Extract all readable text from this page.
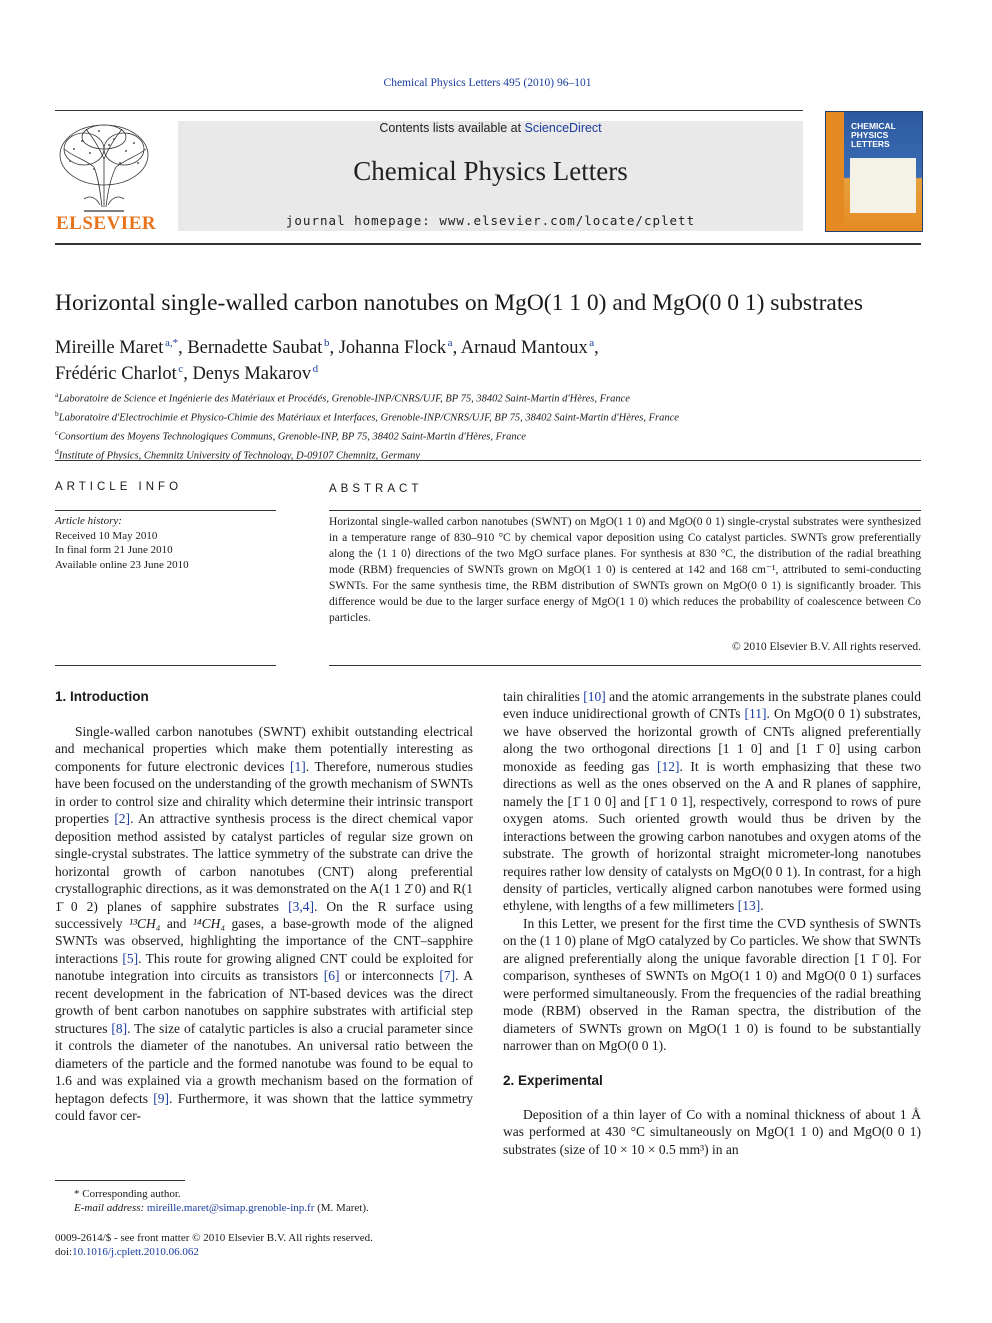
Chemical Physics Letters 495 (2010) 96–101
ELSEVIER
Contents lists available at ScienceDirect
Chemical Physics Letters
journal homepage: www.elsevier.com/locate/cplett
CHEMICAL
PHYSICS
LETTERS
Horizontal single-walled carbon nanotubes on MgO(1 1 0) and MgO(0 0 1) substrates
Mireille Maret  $^{a,*}$, Bernadette Saubat  $^b$, Johanna Flock  $^a$, Arnaud Mantoux  $^a$,
Frédéric Charlot  $^c$, Denys Makarov  $^d$
$^a$Laboratoire de Science et Ingénierie des Matériaux et Procédés, Grenoble-INP/CNRS/UJF, BP 75, 38402 Saint-Martin d'Hères, France
$^b$Laboratoire d'Electrochimie et Physico-Chimie des Matériaux et Interfaces, Grenoble-INP/CNRS/UJF, BP 75, 38402 Saint-Martin d'Hères, France
$^c$Consortium des Moyens Technologiques Communs, Grenoble-INP, BP 75, 38402 Saint-Martin d'Hères, France
$^d$Institute of Physics, Chemnitz University of Technology, D-09107 Chemnitz, Germany
ARTICLE INFO	ABSTRACT
Article history:
Received 10 May 2010
In final form 21 June 2010
Available online 23 June 2010
Horizontal single-walled carbon nanotubes (SWNT) on MgO(1 1 0) and MgO(0 0 1) single-crystal substrates were synthesized in a temperature range of 830–910 °C by chemical vapor deposition using Co catalyst particles. SWNTs grow preferentially along the ⟨1 1 0⟩ directions of the two MgO surface planes. For synthesis at 830 °C, the distribution of the radial breathing mode (RBM) frequencies of SWNTs grown on MgO(1 1 0) is centered at 142 and 168 cm⁻¹, attributed to semi-conducting SWNTs. For the same synthesis time, the RBM distribution of SWNTs grown on MgO(0 0 1) is significantly broader. This difference would be due to the larger surface energy of MgO(1 1 0) which reduces the probability of coalescence between Co particles.
© 2010 Elsevier B.V. All rights reserved.
1. Introduction

Single-walled carbon nanotubes (SWNT) exhibit outstanding electrical and mechanical properties which make them potentially interesting as components for future electronic devices [1]. Therefore, numerous studies have been focused on the understanding of the growth mechanism of SWNTs in order to control size and chirality which determine their intrinsic transport properties [2]. An attractive synthesis process is the direct chemical vapor deposition method assisted by catalyst particles of regular size grown on single-crystal substrates. The lattice symmetry of the substrate can drive the horizontal growth of carbon nanotubes (CNT) along preferential crystallographic directions, as it was demonstrated on the A(1 1 2̄ 0) and R(1 1̄ 0 2) planes of sapphire substrates [3,4]. On the R surface using successively ¹³CH₄ and ¹⁴CH₄ gases, a base-growth mode of the aligned SWNTs was observed, highlighting the importance of the CNT–sapphire interactions [5]. This route for growing aligned CNT could be exploited for nanotube integration into circuits as transistors [6] or interconnects [7]. A recent development in the fabrication of NT-based devices was the direct growth of bent carbon nanotubes on sapphire substrates with artificial step structures [8]. The size of catalytic particles is also a crucial parameter since it controls the diameter of the nanotubes. An universal ratio between the diameters of the particle and the formed nanotube was found to be equal to 1.6 and was explained via a growth mechanism based on the formation of heptagon defects [9]. Furthermore, it was shown that the lattice symmetry could favor cer-

tain chiralities [10] and the atomic arrangements in the substrate planes could even induce unidirectional growth of CNTs [11]. On MgO(0 0 1) substrates, we have observed the horizontal growth of CNTs aligned preferentially along the two orthogonal directions [1 1 0] and [1 1̄ 0] using carbon monoxide as feeding gas [12]. It is worth emphasizing that these two directions as well as the ones observed on the A and R planes of sapphire, namely the [1̄ 1 0 0] and [1̄ 1 0 1], respectively, correspond to rows of pure oxygen atoms. Such oriented growth would thus be driven by the interactions between the growing carbon nanotubes and oxygen atoms of the substrate. The growth of horizontal straight micrometer-long nanotubes requires rather low density of catalysts on MgO(0 0 1). In contrast, for a high density of particles, vertically aligned carbon nanotubes were formed using ethylene, with lengths of a few millimeters [13].

In this Letter, we present for the first time the CVD synthesis of SWNTs on the (1 1 0) plane of MgO catalyzed by Co particles. We show that SWNTs are aligned preferentially along the unique favorable direction [1 1̄ 0]. For comparison, syntheses of SWNTs on MgO(1 1 0) and MgO(0 0 1) surfaces were performed simultaneously. From the frequencies of the radial breathing mode (RBM) observed in the Raman spectra, the distribution of the diameters of SWNTs grown on MgO(1 1 0) is found to be substantially narrower than on MgO(0 0 1).

2. Experimental

Deposition of a thin layer of Co with a nominal thickness of about 1 Å was performed at 430 °C simultaneously on MgO(1 1 0) and MgO(0 0 1) substrates (size of 10 × 10 × 0.5 mm³) in an

* Corresponding author.
E-mail address: mireille.maret@simap.grenoble-inp.fr (M. Maret).
0009-2614/$ - see front matter © 2010 Elsevier B.V. All rights reserved.
doi:10.1016/j.cplett.2010.06.062
